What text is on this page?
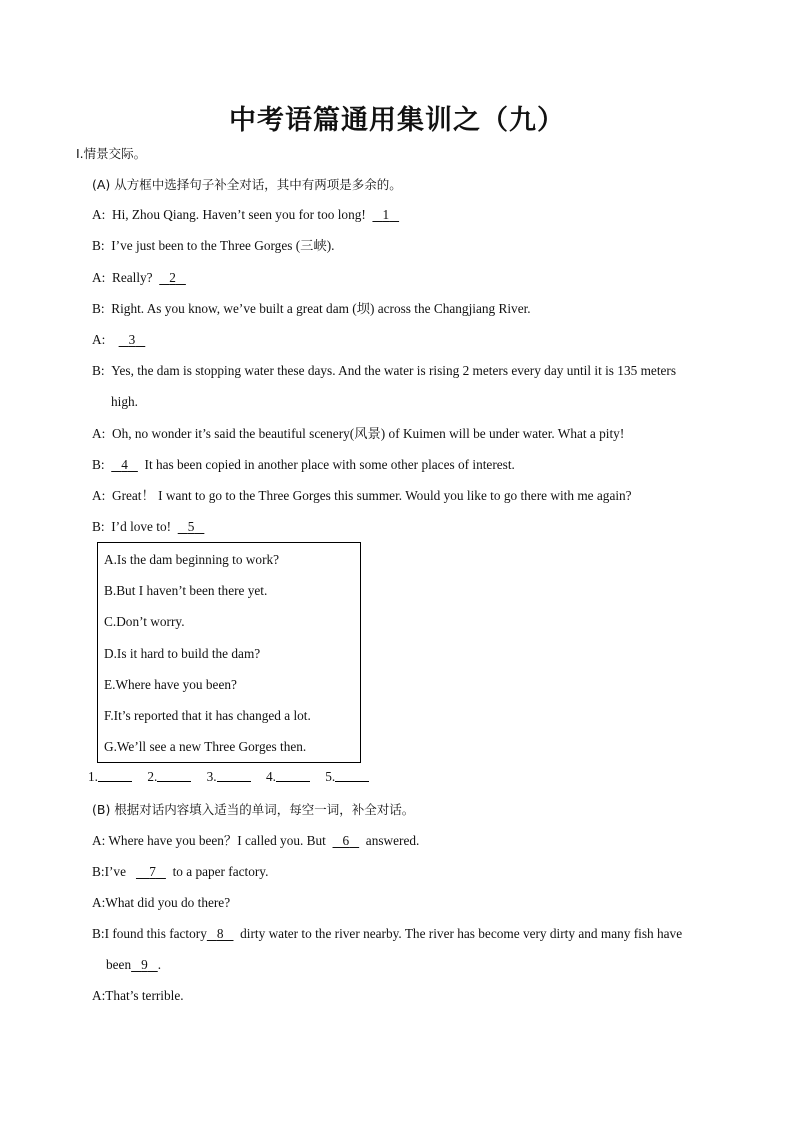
中考语篇通用集训之（九）
Ⅰ.情景交际。
(A) 从方框中选择句子补全对话，其中有两项是多余的。
A: Hi, Zhou Qiang. Haven’t seen you for too long! 1
B: I’ve just been to the Three Gorges (三峡).
A: Really? 2
B: Right. As you know, we’ve built a great dam (坝) across the Changjiang River.
A: 3
B: Yes, the dam is stopping water these days. And the water is rising 2 meters every day until it is 135 meters
high.
A: Oh, no wonder it’s said the beautiful scenery(风景) of Kuimen will be under water. What a pity!
B: 4 It has been copied in another place with some other places of interest.
A: Great！ I want to go to the Three Gorges this summer. Would you like to go there with me again?
B: I’d love to! 5
A.Is the dam beginning to work?
B.But I haven’t been there yet.
C.Don’t worry.
D.Is it hard to build the dam?
E.Where have you been?
F.It’s reported that it has changed a lot.
G.We’ll see a new Three Gorges then.
1.	2.	3.	4.	5.
(B) 根据对话内容填入适当的单词，每空一词，补全对话。
A: Where have you been？I called you. But 6 answered.
B:I’ve 7 to a paper factory.
A:What did you do there?
B:I found this factory 8 dirty water to the river nearby. The river has become very dirty and many fish have
been 9 .
A:That’s terrible.
